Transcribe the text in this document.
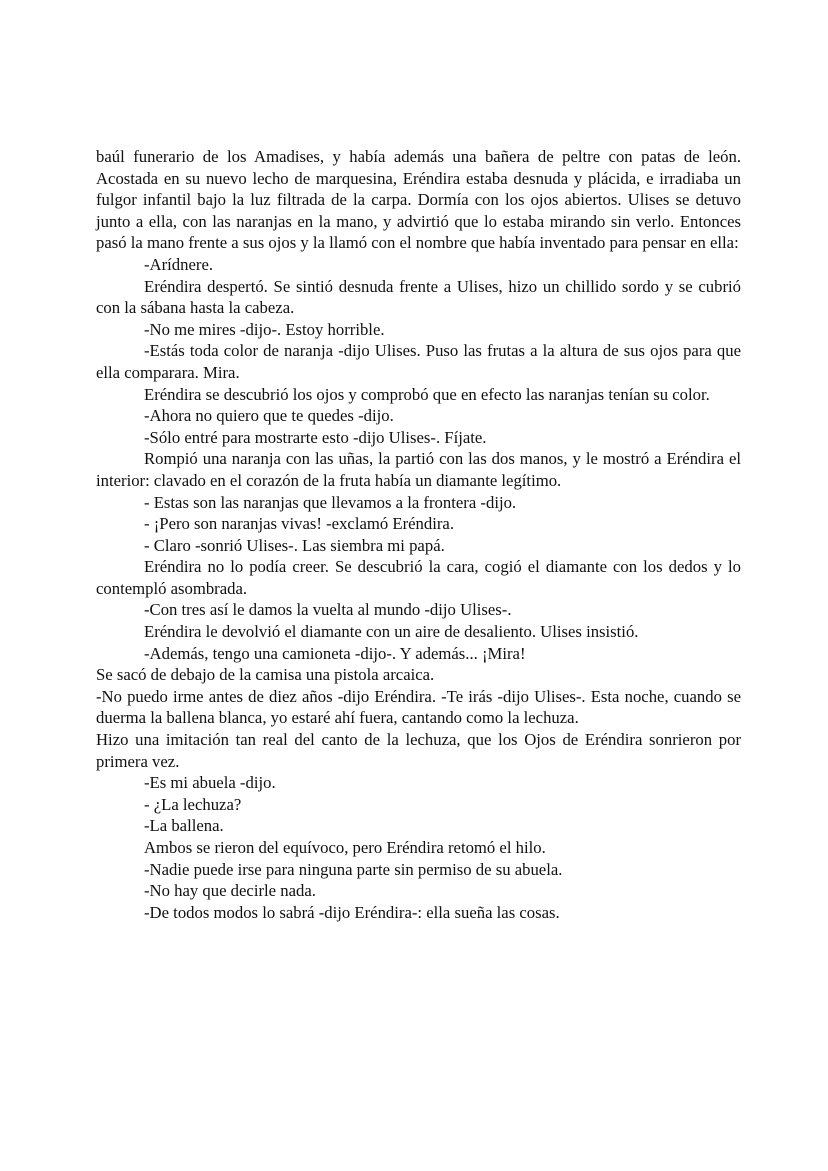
baúl funerario de los Amadises, y había además una bañera de peltre con patas de león. Acostada en su nuevo lecho de marquesina, Eréndira estaba desnuda y plácida, e irradiaba un fulgor infantil bajo la luz filtrada de la carpa. Dormía con los ojos abiertos. Ulises se detuvo junto a ella, con las naranjas en la mano, y advirtió que lo estaba mirando sin verlo. Entonces pasó la mano frente a sus ojos y la llamó con el nombre que había inventado para pensar en ella:

-Arídnere.

Eréndira despertó. Se sintió desnuda frente a Ulises, hizo un chillido sordo y se cubrió con la sábana hasta la cabeza.

-No me mires -dijo-. Estoy horrible.

-Estás toda color de naranja -dijo Ulises. Puso las frutas a la altura de sus ojos para que ella comparara. Mira.

Eréndira se descubrió los ojos y comprobó que en efecto las naranjas tenían su color.

-Ahora no quiero que te quedes -dijo.

-Sólo entré para mostrarte esto -dijo Ulises-. Fíjate.

Rompió una naranja con las uñas, la partió con las dos manos, y le mostró a Eréndira el interior: clavado en el corazón de la fruta había un diamante legítimo.

- Estas son las naranjas que llevamos a la frontera -dijo.

- ¡Pero son naranjas vivas! -exclamó Eréndira.

- Claro -sonrió Ulises-. Las siembra mi papá.

Eréndira no lo podía creer. Se descubrió la cara, cogió el diamante con los dedos y lo contempló asombrada.

-Con tres así le damos la vuelta al mundo -dijo Ulises-.

Eréndira le devolvió el diamante con un aire de desaliento. Ulises insistió.

-Además, tengo una camioneta -dijo-. Y además... ¡Mira!

Se sacó de debajo de la camisa una pistola arcaica.

-No puedo irme antes de diez años -dijo Eréndira. -Te irás -dijo Ulises-. Esta noche, cuando se duerma la ballena blanca, yo estaré ahí fuera, cantando como la lechuza.

Hizo una imitación tan real del canto de la lechuza, que los Ojos de Eréndira sonrieron por primera vez.

-Es mi abuela -dijo.

- ¿La lechuza?

-La ballena.

Ambos se rieron del equívoco, pero Eréndira retomó el hilo.

-Nadie puede irse para ninguna parte sin permiso de su abuela.

-No hay que decirle nada.

-De todos modos lo sabrá -dijo Eréndira-: ella sueña las cosas.
